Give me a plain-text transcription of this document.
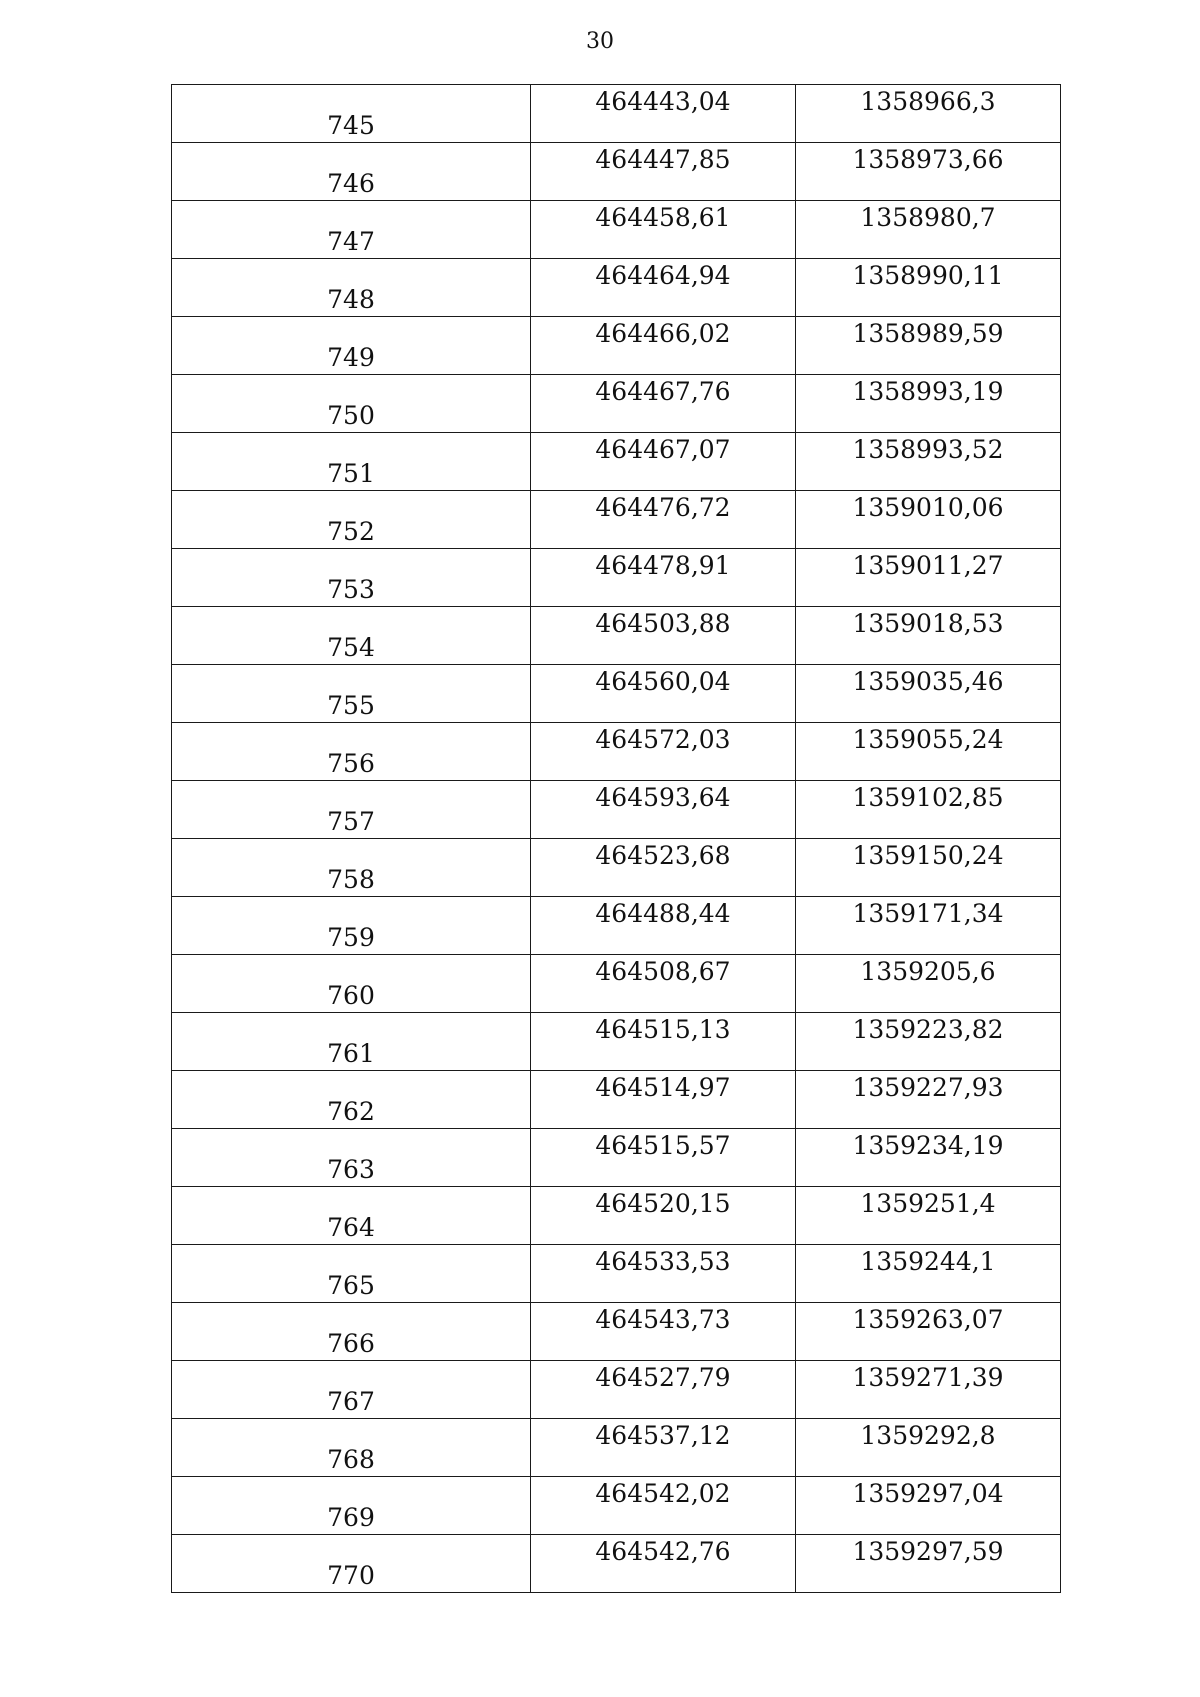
30
745	464443,04	1358966,3
746	464447,85	1358973,66
747	464458,61	1358980,7
748	464464,94	1358990,11
749	464466,02	1358989,59
750	464467,76	1358993,19
751	464467,07	1358993,52
752	464476,72	1359010,06
753	464478,91	1359011,27
754	464503,88	1359018,53
755	464560,04	1359035,46
756	464572,03	1359055,24
757	464593,64	1359102,85
758	464523,68	1359150,24
759	464488,44	1359171,34
760	464508,67	1359205,6
761	464515,13	1359223,82
762	464514,97	1359227,93
763	464515,57	1359234,19
764	464520,15	1359251,4
765	464533,53	1359244,1
766	464543,73	1359263,07
767	464527,79	1359271,39
768	464537,12	1359292,8
769	464542,02	1359297,04
770	464542,76	1359297,59
